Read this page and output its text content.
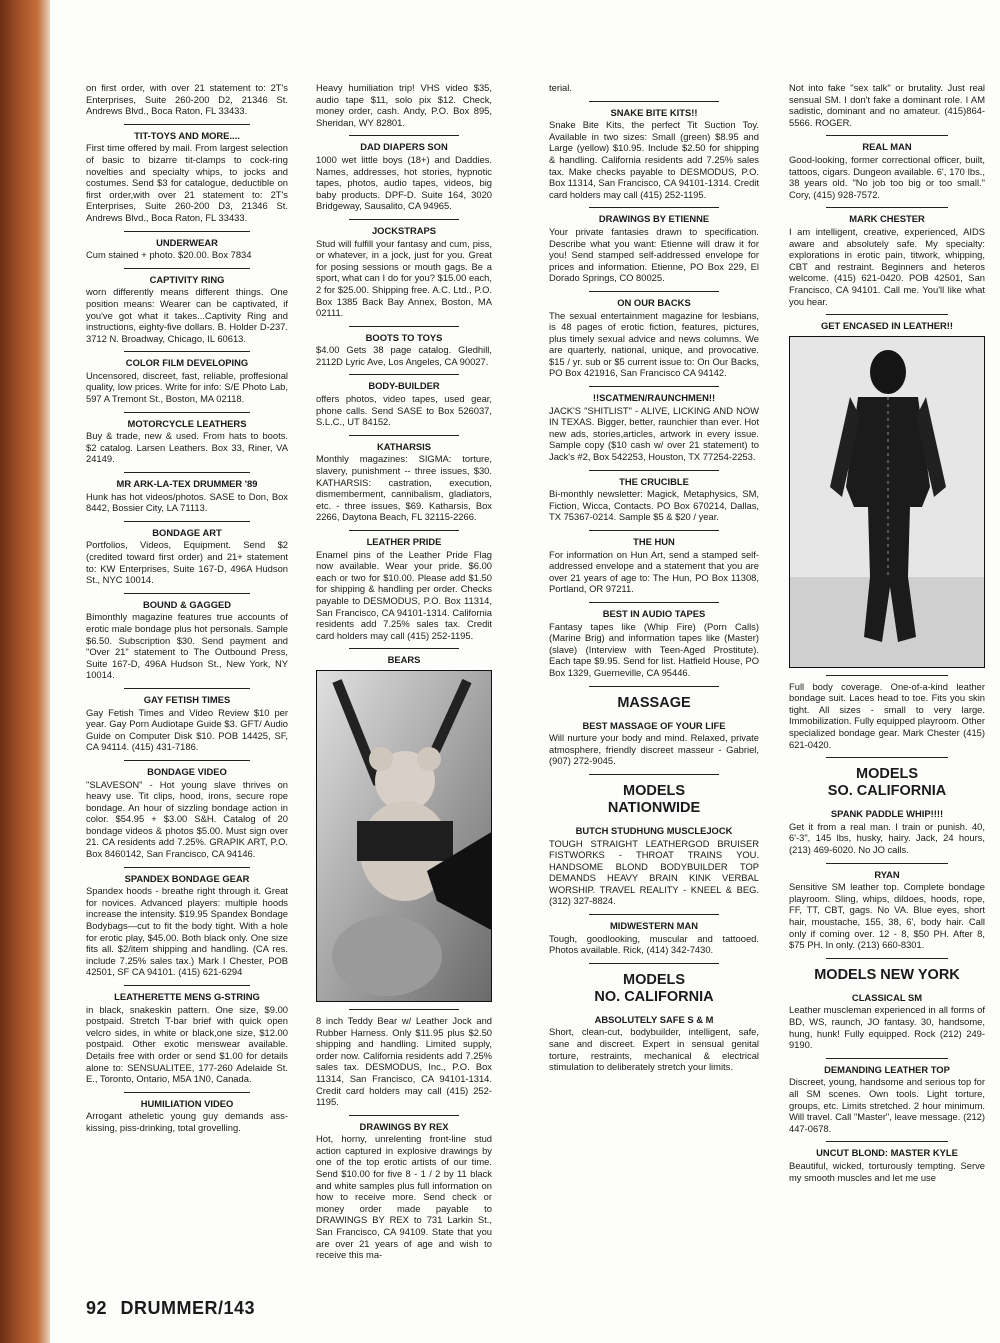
on first order, with over 21 statement to: 2T's Enterprises, Suite 260-200 D2, 21346 St. Andrews Blvd., Boca Raton, FL 33433.

TIT-TOYS AND MORE....

First time offered by mail. From largest selection of basic to bizarre tit-clamps to cock-ring novelties and specialty whips, to jocks and costumes. Send $3 for catalogue, deductible on first order,with over 21 statement to: 2T's Enterprises, Suite 260-200 D3, 21346 St. Andrews Blvd., Boca Raton, FL 33433.

UNDERWEAR

Cum stained + photo. $20.00. Box 7834

CAPTIVITY RING

worn differently means different things. One position means: Wearer can be captivated, if you've got what it takes...Captivity Ring and instructions, eighty-five dollars. B. Holder D-237. 3712 N. Broadway, Chicago, IL 60613.

COLOR FILM DEVELOPING

Uncensored, discreet, fast, reliable, proffesional quality, low prices. Write for info: S/E Photo Lab, 597 A Tremont St., Boston, MA 02118.

MOTORCYCLE LEATHERS

Buy & trade, new & used. From hats to boots. $2 catalog. Larsen Leathers. Box 33, Riner, VA 24149.

MR ARK-LA-TEX DRUMMER '89

Hunk has hot videos/photos. SASE to Don, Box 8442, Bossier City, LA 71113.

BONDAGE ART

Portfolios, Videos, Equipment. Send $2 (credited toward first order) and 21+ statement to: KW Enterprises, Suite 167-D, 496A Hudson St., NYC 10014.

BOUND & GAGGED

Bimonthly magazine features true accounts of erotic male bondage plus hot personals. Sample $6.50. Subscription $30. Send payment and "Over 21" statement to The Outbound Press, Suite 167-D, 496A Hudson St., New York, NY 10014.

GAY FETISH TIMES

Gay Fetish Times and Video Review $10 per year. Gay Porn Audiotape Guide $3. GFT/ Audio Guide on Computer Disk $10. POB 14425, SF, CA 94114. (415) 431-7186.

BONDAGE VIDEO

"SLAVESON" - Hot young slave thrives on heavy use. Tit clips, hood, irons, secure rope bondage. An hour of sizzling bondage action in color. $54.95 + $3.00 S&H. Catalog of 20 bondage videos & photos $5.00. Must sign over 21. CA residents add 7.25%. GRAPIK ART, P.O. Box 8460142, San Francisco, CA 94146.

SPANDEX BONDAGE GEAR

Spandex hoods - breathe right through it. Great for novices. Advanced players: multiple hoods increase the intensity. $19.95 Spandex Bondage Bodybags—cut to fit the body tight. With a hole for erotic play, $45.00. Both black only. One size fits all. $2/item shipping and handling. (CA res. include 7.25% sales tax.) Mark I Chester, POB 42501, SF CA 94101. (415) 621-6294

LEATHERETTE MENS G-STRING

in black, snakeskin pattern. One size, $9.00 postpaid. Stretch T-bar brief with quick open velcro sides, in white or black,one size, $12.00 postpaid. Other exotic menswear available. Details free with order or send $1.00 for details alone to: SENSUALITEE, 177-260 Adelaide St. E., Toronto, Ontario, M5A 1N0, Canada.

HUMILIATION VIDEO

Arrogant atheletic young guy demands ass-kissing, piss-drinking, total grovelling.

Heavy humiliation trip! VHS video $35, audio tape $11, solo pix $12. Check, money order, cash. Andy, P.O. Box 895, Sheridan, WY 82801.

DAD DIAPERS SON

1000 wet little boys (18+) and Daddies. Names, addresses, hot stories, hypnotic tapes, photos, audio tapes, videos, big baby products. DPF-D. Suite 164, 3020 Bridgeway, Sausalito, CA 94965.

JOCKSTRAPS

Stud will fulfill your fantasy and cum, piss, or whatever, in a jock, just for you. Great for posing sessions or mouth gags. Be a sport, what can I do for you? $15.00 each, 2 for $25.00. Shipping free. A.C. Ltd., P.O. Box 1385 Back Bay Annex, Boston, MA 02111.

BOOTS TO TOYS

$4.00 Gets 38 page catalog. Gledhill, 2112D Lyric Ave, Los Angeles, CA 90027.

BODY-BUILDER

offers photos, video tapes, used gear, phone calls. Send SASE to Box 526037, S.L.C., UT 84152.

KATHARSIS

Monthly magazines: SIGMA: torture, slavery, punishment -- three issues, $30. KATHARSIS: castration, execution, dismemberment, cannibalism, gladiators, etc. - three issues, $69. Katharsis, Box 2266, Daytona Beach, FL 32115-2266.

LEATHER PRIDE

Enamel pins of the Leather Pride Flag now available. Wear your pride. $6.00 each or two for $10.00. Please add $1.50 for shipping & handling per order. Checks payable to DESMODUS, P.O. Box 11314, San Francisco, CA 94101-1314. California residents add 7.25% sales tax. Credit card holders may call (415) 252-1195.

BEARS

8 inch Teddy Bear w/ Leather Jock and Rubber Harness. Only $11.95 plus $2.50 shipping and handling. Limited supply, order now. California residents add 7.25% sales tax. DESMODUS, Inc., P.O. Box 11314, San Francisco, CA 94101-1314. Credit card holders may call (415) 252-1195.

DRAWINGS BY REX

Hot, horny, unrelenting front-line stud action captured in explosive drawings by one of the top erotic artists of our time. Send $10.00 for five 8 - 1 / 2 by 11 black and white samples plus full information on how to receive more. Send check or money order made payable to DRAWINGS BY REX to 731 Larkin St., San Francisco, CA 94109. State that you are over 21 years of age and wish to receive this ma-

terial.

SNAKE BITE KITS!!

Snake Bite Kits, the perfect Tit Suction Toy. Available in two sizes: Small (green) $8.95 and Large (yellow) $10.95. Include $2.50 for shipping & handling. California residents add 7.25% sales tax. Make checks payable to DESMODUS, P.O. Box 11314, San Francisco, CA 94101-1314. Credit card holders may call (415) 252-1195.

DRAWINGS BY ETIENNE

Your private fantasies drawn to specification. Describe what you want: Etienne will draw it for you! Send stamped self-addressed envelope for prices and information. Etienne, PO Box 229, El Dorado Springs, CO 80025.

ON OUR BACKS

The sexual entertainment magazine for lesbians, is 48 pages of erotic fiction, features, pictures, plus timely sexual advice and news columns. We are quarterly, national, unique, and provocative. $15 / yr. sub or $5 current issue to: On Our Backs, PO Box 421916, San Francisco CA 94142.

!!SCATMEN/RAUNCHMEN!!

JACK'S "SHITLIST" - ALIVE, LICKING AND NOW IN TEXAS. Bigger, better, raunchier than ever. Hot new ads, stories,articles, artwork in every issue. Sample copy ($10 cash w/ over 21 statement) to Jack's #2, Box 542253, Houston, TX 77254-2253.

THE CRUCIBLE

Bi-monthly newsletter: Magick, Metaphysics, SM, Fiction, Wicca, Contacts. PO Box 670214, Dallas, TX 75367-0214. Sample $5 & $20 / year.

THE HUN

For information on Hun Art, send a stamped self-addressed envelope and a statement that you are over 21 years of age to: The Hun, PO Box 11308, Portland, OR 97211.

BEST IN AUDIO TAPES

Fantasy tapes like (Whip Fire) (Porn Calls) (Marine Brig) and information tapes like (Master) (slave) (Interview with Teen-Aged Prostitute). Each tape $9.95. Send for list. Hatfield House, PO Box 1329, Guerneville, CA 95446.

MASSAGE
BEST MASSAGE OF YOUR LIFE

Will nurture your body and mind. Relaxed, private atmosphere, friendly discreet masseur - Gabriel, (907) 272-9045.

MODELS
NATIONWIDE
BUTCH STUDHUNG MUSCLEJOCK

TOUGH STRAIGHT LEATHERGOD BRUISER FISTWORKS - THROAT TRAINS YOU. HANDSOME BLOND BODYBUILDER TOP DEMANDS HEAVY BRAIN KINK VERBAL WORSHIP. TRAVEL REALITY - KNEEL & BEG. (312) 327-8824.

MIDWESTERN MAN

Tough, goodlooking, muscular and tattooed. Photos available. Rick, (414) 342-7430.

MODELS
NO. CALIFORNIA
ABSOLUTELY SAFE S & M

Short, clean-cut, bodybuilder, intelligent, safe, sane and discreet. Expert in sensual genital torture, restraints, mechanical & electrical stimulation to deliberately stretch your limits.

Not into fake "sex talk" or brutality. Just real sensual SM. I don't fake a dominant role. I AM sadistic, dominant and no amateur. (415)864-5566. ROGER.

REAL MAN

Good-looking, former correctional officer, built, tattoos, cigars. Dungeon available. 6', 170 lbs., 38 years old. "No job too big or too small." Cory, (415) 928-7572.

MARK CHESTER

I am intelligent, creative, experienced, AIDS aware and absolutely safe. My specialty: explorations in erotic pain, titwork, whipping, CBT and restraint. Beginners and heteros welcome. (415) 621-0420. POB 42501, San Francisco, CA 94101. Call me. You'll like what you hear.

GET ENCASED IN LEATHER!!

Full body coverage. One-of-a-kind leather bondage suit. Laces head to toe. Fits you skin tight. All sizes - small to very large. Immobilization. Fully equipped playroom. Other specialized bondage gear. Mark Chester (415) 621-0420.

MODELS
SO. CALIFORNIA
SPANK PADDLE WHIP!!!!

Get it from a real man. I train or punish. 40, 6'-3", 145 lbs, husky, hairy. Jack, 24 hours, (213) 469-6020. No JO calls.

RYAN

Sensitive SM leather top. Complete bondage playroom. Sling, whips, dildoes, hoods, rope, FF, TT, CBT, gags. No VA. Blue eyes, short hair, moustache, 155, 38, 6', body hair. Call only if coming over. 12 - 8, $50 PH. After 8, $75 PH. In only. (213) 660-8301.

MODELS NEW YORK
CLASSICAL SM

Leather muscleman experienced in all forms of BD, WS, raunch, JO fantasy. 30, handsome, hung, hunk! Fully equipped. Rock (212) 249-9190.

DEMANDING LEATHER TOP

Discreet, young, handsome and serious top for all SM scenes. Own tools. Light torture, groups, etc. Limits stretched. 2 hour minimum. Will travel. Call "Master", leave message. (212) 447-0678.

UNCUT BLOND: MASTER KYLE

Beautiful, wicked, torturously tempting. Serve my smooth muscles and let me use

92 DRUMMER/143
